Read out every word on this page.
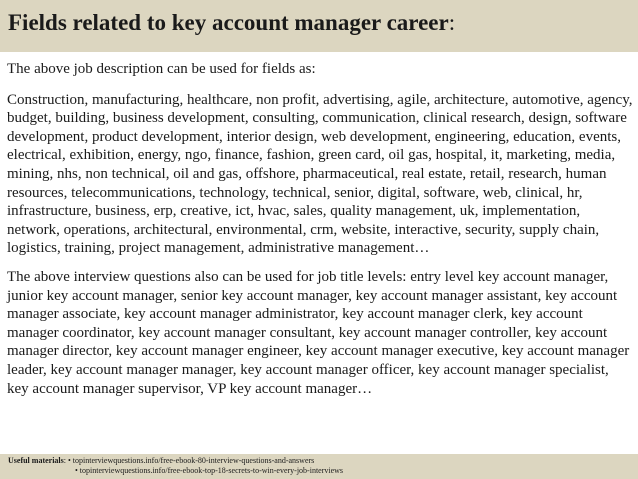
Fields related to key account manager career:

The above job description can be used for fields as:

Construction, manufacturing, healthcare, non profit, advertising, agile, architecture, automotive, agency, budget, building, business development, consulting, communication, clinical research, design, software development, product development, interior design, web development, engineering, education, events, electrical, exhibition, energy, ngo, finance, fashion, green card, oil gas, hospital, it, marketing, media, mining, nhs, non technical, oil and gas, offshore, pharmaceutical, real estate, retail, research, human resources, telecommunications, technology, technical, senior, digital, software, web, clinical, hr, infrastructure, business, erp, creative, ict, hvac, sales, quality management, uk, implementation, network, operations, architectural, environmental, crm, website, interactive, security, supply chain, logistics, training, project management, administrative management…

The above interview questions also can be used for job title levels: entry level key account manager, junior key account manager, senior key account manager, key account manager assistant, key account manager associate, key account manager administrator, key account manager clerk, key account manager coordinator, key account manager consultant, key account manager controller, key account manager director, key account manager engineer, key account manager executive, key account manager leader, key account manager manager, key account manager officer, key account manager specialist, key account manager supervisor, VP key account manager…

Useful materials: • topinterviewquestions.info/free-ebook-80-interview-questions-and-answers
• topinterviewquestions.info/free-ebook-top-18-secrets-to-win-every-job-interviews
